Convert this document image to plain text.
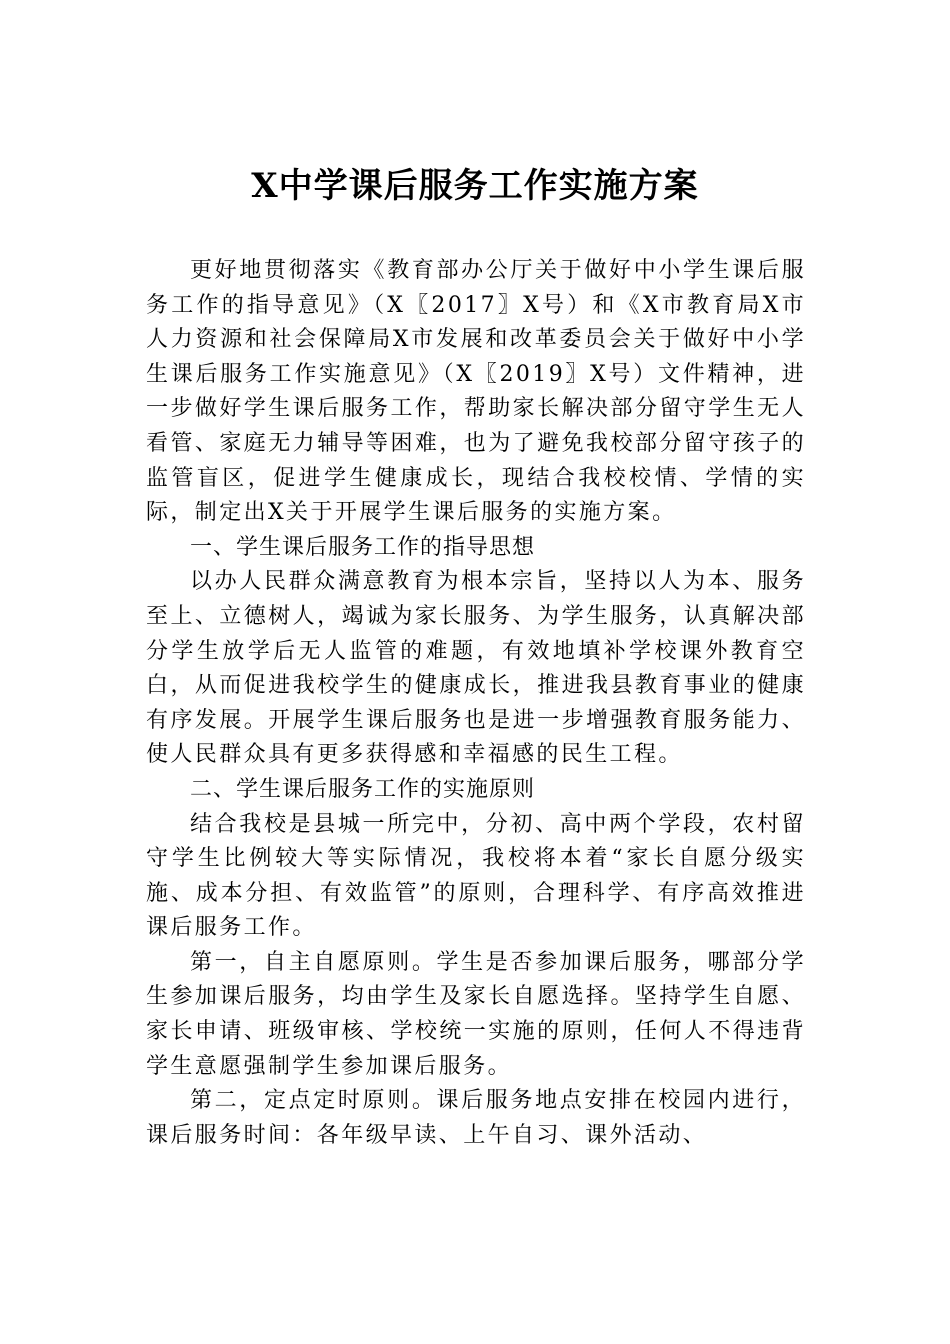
X中学课后服务工作实施方案

更好地贯彻落实《教育部办公厅关于做好中小学生课后服务工作的指导意见》（X〖2017〗X号）和《X市教育局X市人力资源和社会保障局X市发展和改革委员会关于做好中小学生课后服务工作实施意见》（X〖2019〗X号）文件精神，进一步做好学生课后服务工作，帮助家长解决部分留守学生无人看管、家庭无力辅导等困难，也为了避免我校部分留守孩子的监管盲区，促进学生健康成长，现结合我校校情、学情的实际，制定出X关于开展学生课后服务的实施方案。

一、学生课后服务工作的指导思想

以办人民群众满意教育为根本宗旨，坚持以人为本、服务至上、立德树人，竭诚为家长服务、为学生服务，认真解决部分学生放学后无人监管的难题，有效地填补学校课外教育空白，从而促进我校学生的健康成长，推进我县教育事业的健康有序发展。开展学生课后服务也是进一步增强教育服务能力、使人民群众具有更多获得感和幸福感的民生工程。

二、学生课后服务工作的实施原则

结合我校是县城一所完中，分初、高中两个学段，农村留守学生比例较大等实际情况，我校将本着“家长自愿分级实施、成本分担、有效监管”的原则，合理科学、有序高效推进课后服务工作。

第一，自主自愿原则。学生是否参加课后服务，哪部分学生参加课后服务，均由学生及家长自愿选择。坚持学生自愿、家长申请、班级审核、学校统一实施的原则，任何人不得违背学生意愿强制学生参加课后服务。

第二，定点定时原则。课后服务地点安排在校园内进行，课后服务时间：各年级早读、上午自习、课外活动、
